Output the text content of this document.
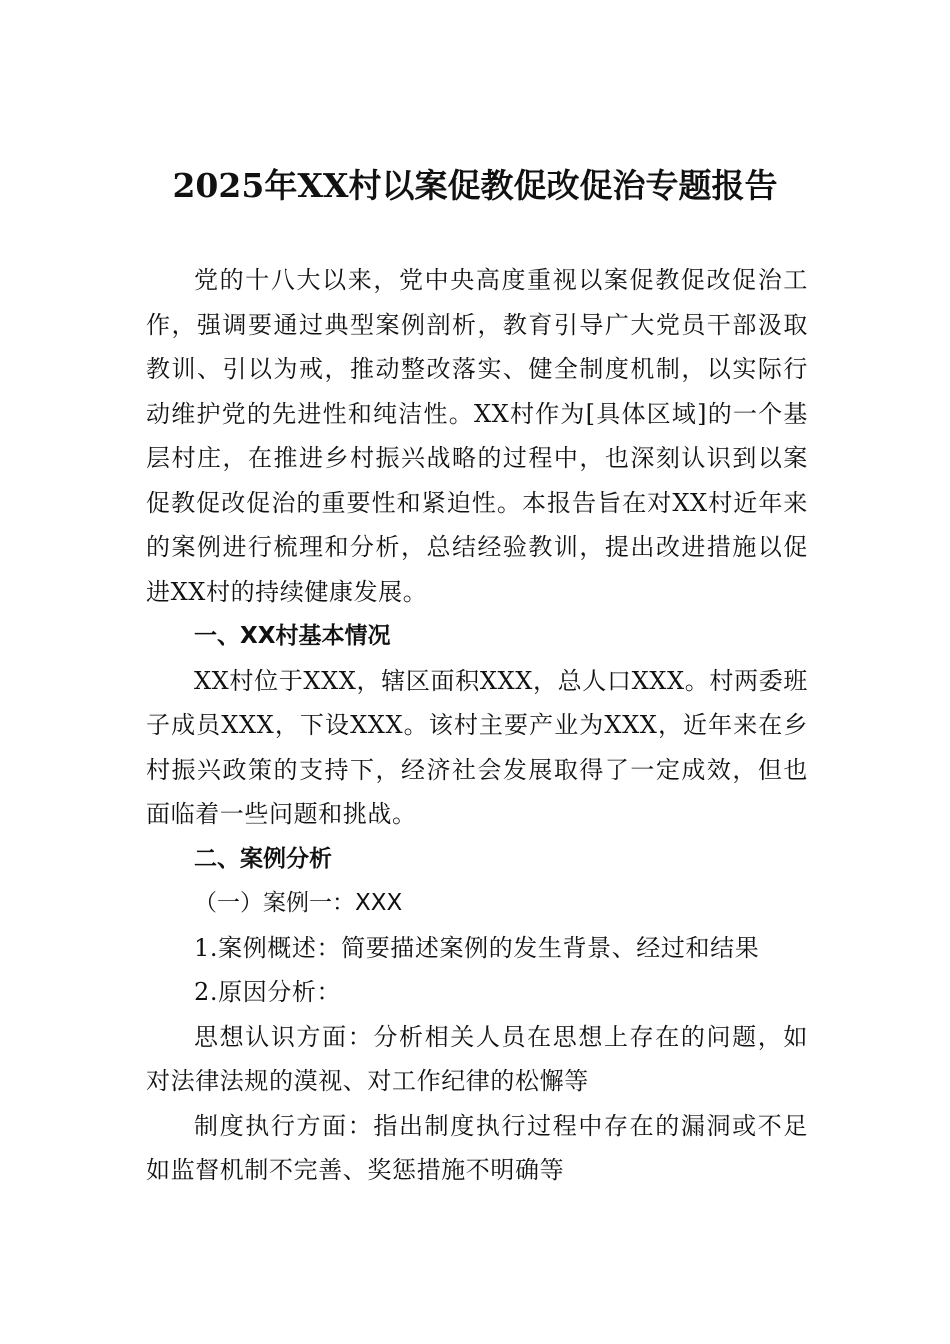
2025年XX村以案促教促改促治专题报告

党的十八大以来，党中央高度重视以案促教促改促治工作，强调要通过典型案例剖析，教育引导广大党员干部汲取教训、引以为戒，推动整改落实、健全制度机制，以实际行动维护党的先进性和纯洁性。XX村作为[具体区域]的一个基层村庄，在推进乡村振兴战略的过程中，也深刻认识到以案促教促改促治的重要性和紧迫性。本报告旨在对XX村近年来的案例进行梳理和分析，总结经验教训，提出改进措施以促进XX村的持续健康发展。

一、XX村基本情况

XX村位于XXX，辖区面积XXX，总人口XXX。村两委班子成员XXX，下设XXX。该村主要产业为XXX，近年来在乡村振兴政策的支持下，经济社会发展取得了一定成效，但也面临着一些问题和挑战。

二、案例分析

（一）案例一：XXX

1.案例概述：简要描述案例的发生背景、经过和结果

2.原因分析：

思想认识方面：分析相关人员在思想上存在的问题，如对法律法规的漠视、对工作纪律的松懈等

制度执行方面：指出制度执行过程中存在的漏洞或不足如监督机制不完善、奖惩措施不明确等
